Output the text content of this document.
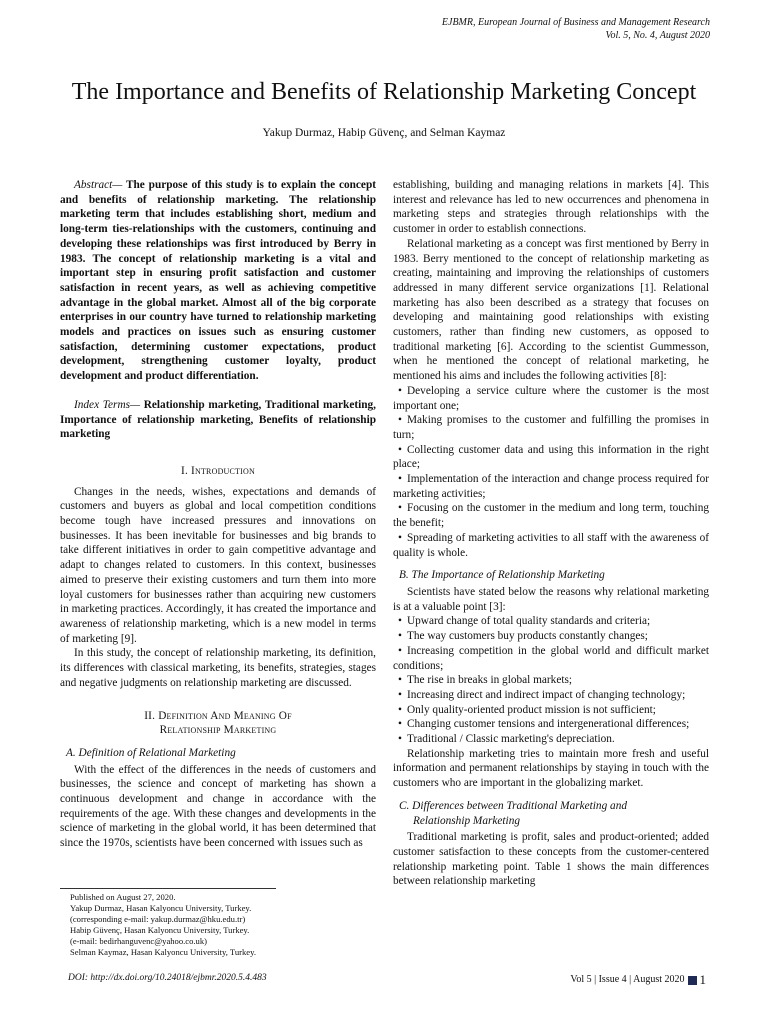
EJBMR, European Journal of Business and Management Research
Vol. 5, No. 4, August 2020
The Importance and Benefits of Relationship Marketing Concept
Yakup Durmaz, Habip Güvenç, and Selman Kaymaz

Abstract— The purpose of this study is to explain the concept and benefits of relationship marketing. The relationship marketing term that includes establishing short, medium and long-term ties-relationships with the customers, continuing and developing these relationships was first introduced by Berry in 1983. The concept of relationship marketing is a vital and important step in ensuring profit satisfaction and customer satisfaction in recent years, as well as achieving competitive advantage in the global market. Almost all of the big corporate enterprises in our country have turned to relationship marketing models and practices on issues such as ensuring customer satisfaction, determining customer expectations, product development, strengthening customer loyalty, product development and product differentiation.

Index Terms— Relationship marketing, Traditional marketing, Importance of relationship marketing, Benefits of relationship marketing

I. Introduction

Changes in the needs, wishes, expectations and demands of customers and buyers as global and local competition conditions become tough have increased pressures and innovations on businesses. It has been inevitable for businesses and big brands to take different initiatives in order to gain competitive advantage and adapt to changes related to customers. In this context, businesses aimed to preserve their existing customers and turn them into more loyal customers for businesses rather than acquiring new customers in marketing practices. Accordingly, it has created the importance and awareness of relationship marketing, which is a new model in terms of marketing [9].

In this study, the concept of relationship marketing, its definition, its differences with classical marketing, its benefits, strategies, stages and negative judgments on relationship marketing are discussed.

II. Definition And Meaning Of
Relationship Marketing
A. Definition of Relational Marketing

With the effect of the differences in the needs of customers and businesses, the science and concept of marketing has shown a continuous development and change in accordance with the requirements of the age. With these changes and developments in the science of marketing in the global world, it has been determined that since the 1970s, scientists have been concerned with issues such as

establishing, building and managing relations in markets [4]. This interest and relevance has led to new occurrences and phenomena in marketing steps and strategies through relationships with the customer in order to establish connections.

Relational marketing as a concept was first mentioned by Berry in 1983. Berry mentioned to the concept of relationship marketing as creating, maintaining and improving the relationships of customers addressed in many different service organizations [1]. Relational marketing has also been described as a strategy that focuses on developing and maintaining good relationships with existing customers, rather than finding new customers, as opposed to traditional marketing [6]. According to the scientist Gummesson, when he mentioned the concept of relational marketing, he mentioned his aims and includes the following activities [8]:

• Developing a service culture where the customer is the most important one;
• Making promises to the customer and fulfilling the promises in turn;
• Collecting customer data and using this information in the right place;
• Implementation of the interaction and change process required for marketing activities;
• Focusing on the customer in the medium and long term, touching the benefit;
• Spreading of marketing activities to all staff with the awareness of quality is whole.
B. The Importance of Relationship Marketing

Scientists have stated below the reasons why relational marketing is at a valuable point [3]:

• Upward change of total quality standards and criteria;
• The way customers buy products constantly changes;
• Increasing competition in the global world and difficult market conditions;
• The rise in breaks in global markets;
• Increasing direct and indirect impact of changing technology;
• Only quality-oriented product mission is not sufficient;
• Changing customer tensions and intergenerational differences;
• Traditional / Classic marketing's depreciation.

Relationship marketing tries to maintain more fresh and useful information and permanent relationships by staying in touch with the customers who are important in the globalizing market.

C. Differences between Traditional Marketing and
Relationship Marketing

Traditional marketing is profit, sales and product-oriented; added customer satisfaction to these concepts from the customer-centered relationship marketing point. Table 1 shows the main differences between relationship marketing

Published on August 27, 2020.
Yakup Durmaz, Hasan Kalyoncu University, Turkey.
(corresponding e-mail: yakup.durmaz@hku.edu.tr)
Habip Güvenç, Hasan Kalyoncu University, Turkey.
(e-mail: bedirhanguvenc@yahoo.co.uk)
Selman Kaymaz, Hasan Kalyoncu University, Turkey.
DOI: http://dx.doi.org/10.24018/ejbmr.2020.5.4.483	Vol 5 | Issue 4 | August 2020 1
